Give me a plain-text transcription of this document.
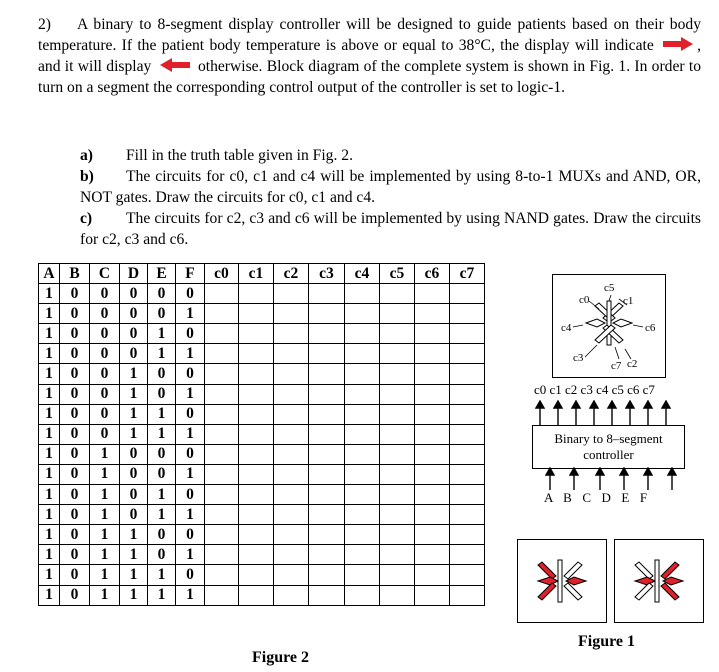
2) A binary to 8-segment display controller will be designed to guide patients based on their body temperature. If the patient body temperature is above or equal to 38°C, the display will indicate	, and it will display	otherwise. Block diagram of the complete system is shown in Fig. 1. In order to turn on a segment the corresponding control output of the controller is set to logic-1.

a) Fill in the truth table given in Fig. 2.
b) The circuits for c0, c1 and c4 will be implemented by using 8-to-1 MUXs and AND, OR, NOT gates. Draw the circuits for c0, c1 and c4.
c) The circuits for c2, c3 and c6 will be implemented by using NAND gates. Draw the circuits for c2, c3 and c6.
A	B	C	D	E	F	c0	c1	c2	c3	c4	c5	c6	c7
1	0	0	0	0	0								
1	0	0	0	0	1								
1	0	0	0	1	0								
1	0	0	0	1	1								
1	0	0	1	0	0								
1	0	0	1	0	1								
1	0	0	1	1	0								
1	0	0	1	1	1								
1	0	1	0	0	0								
1	0	1	0	0	1								
1	0	1	0	1	0								
1	0	1	0	1	1								
1	0	1	1	0	0								
1	0	1	1	0	1								
1	0	1	1	1	0								
1	0	1	1	1	1								
Figure 2
c5
c0	c1
c4	c6
c3
c7 c2
c0 c1 c2 c3 c4 c5 c6 c7
Binary to 8–segment
controller
A  B  C  D  E  F
Figure 1
